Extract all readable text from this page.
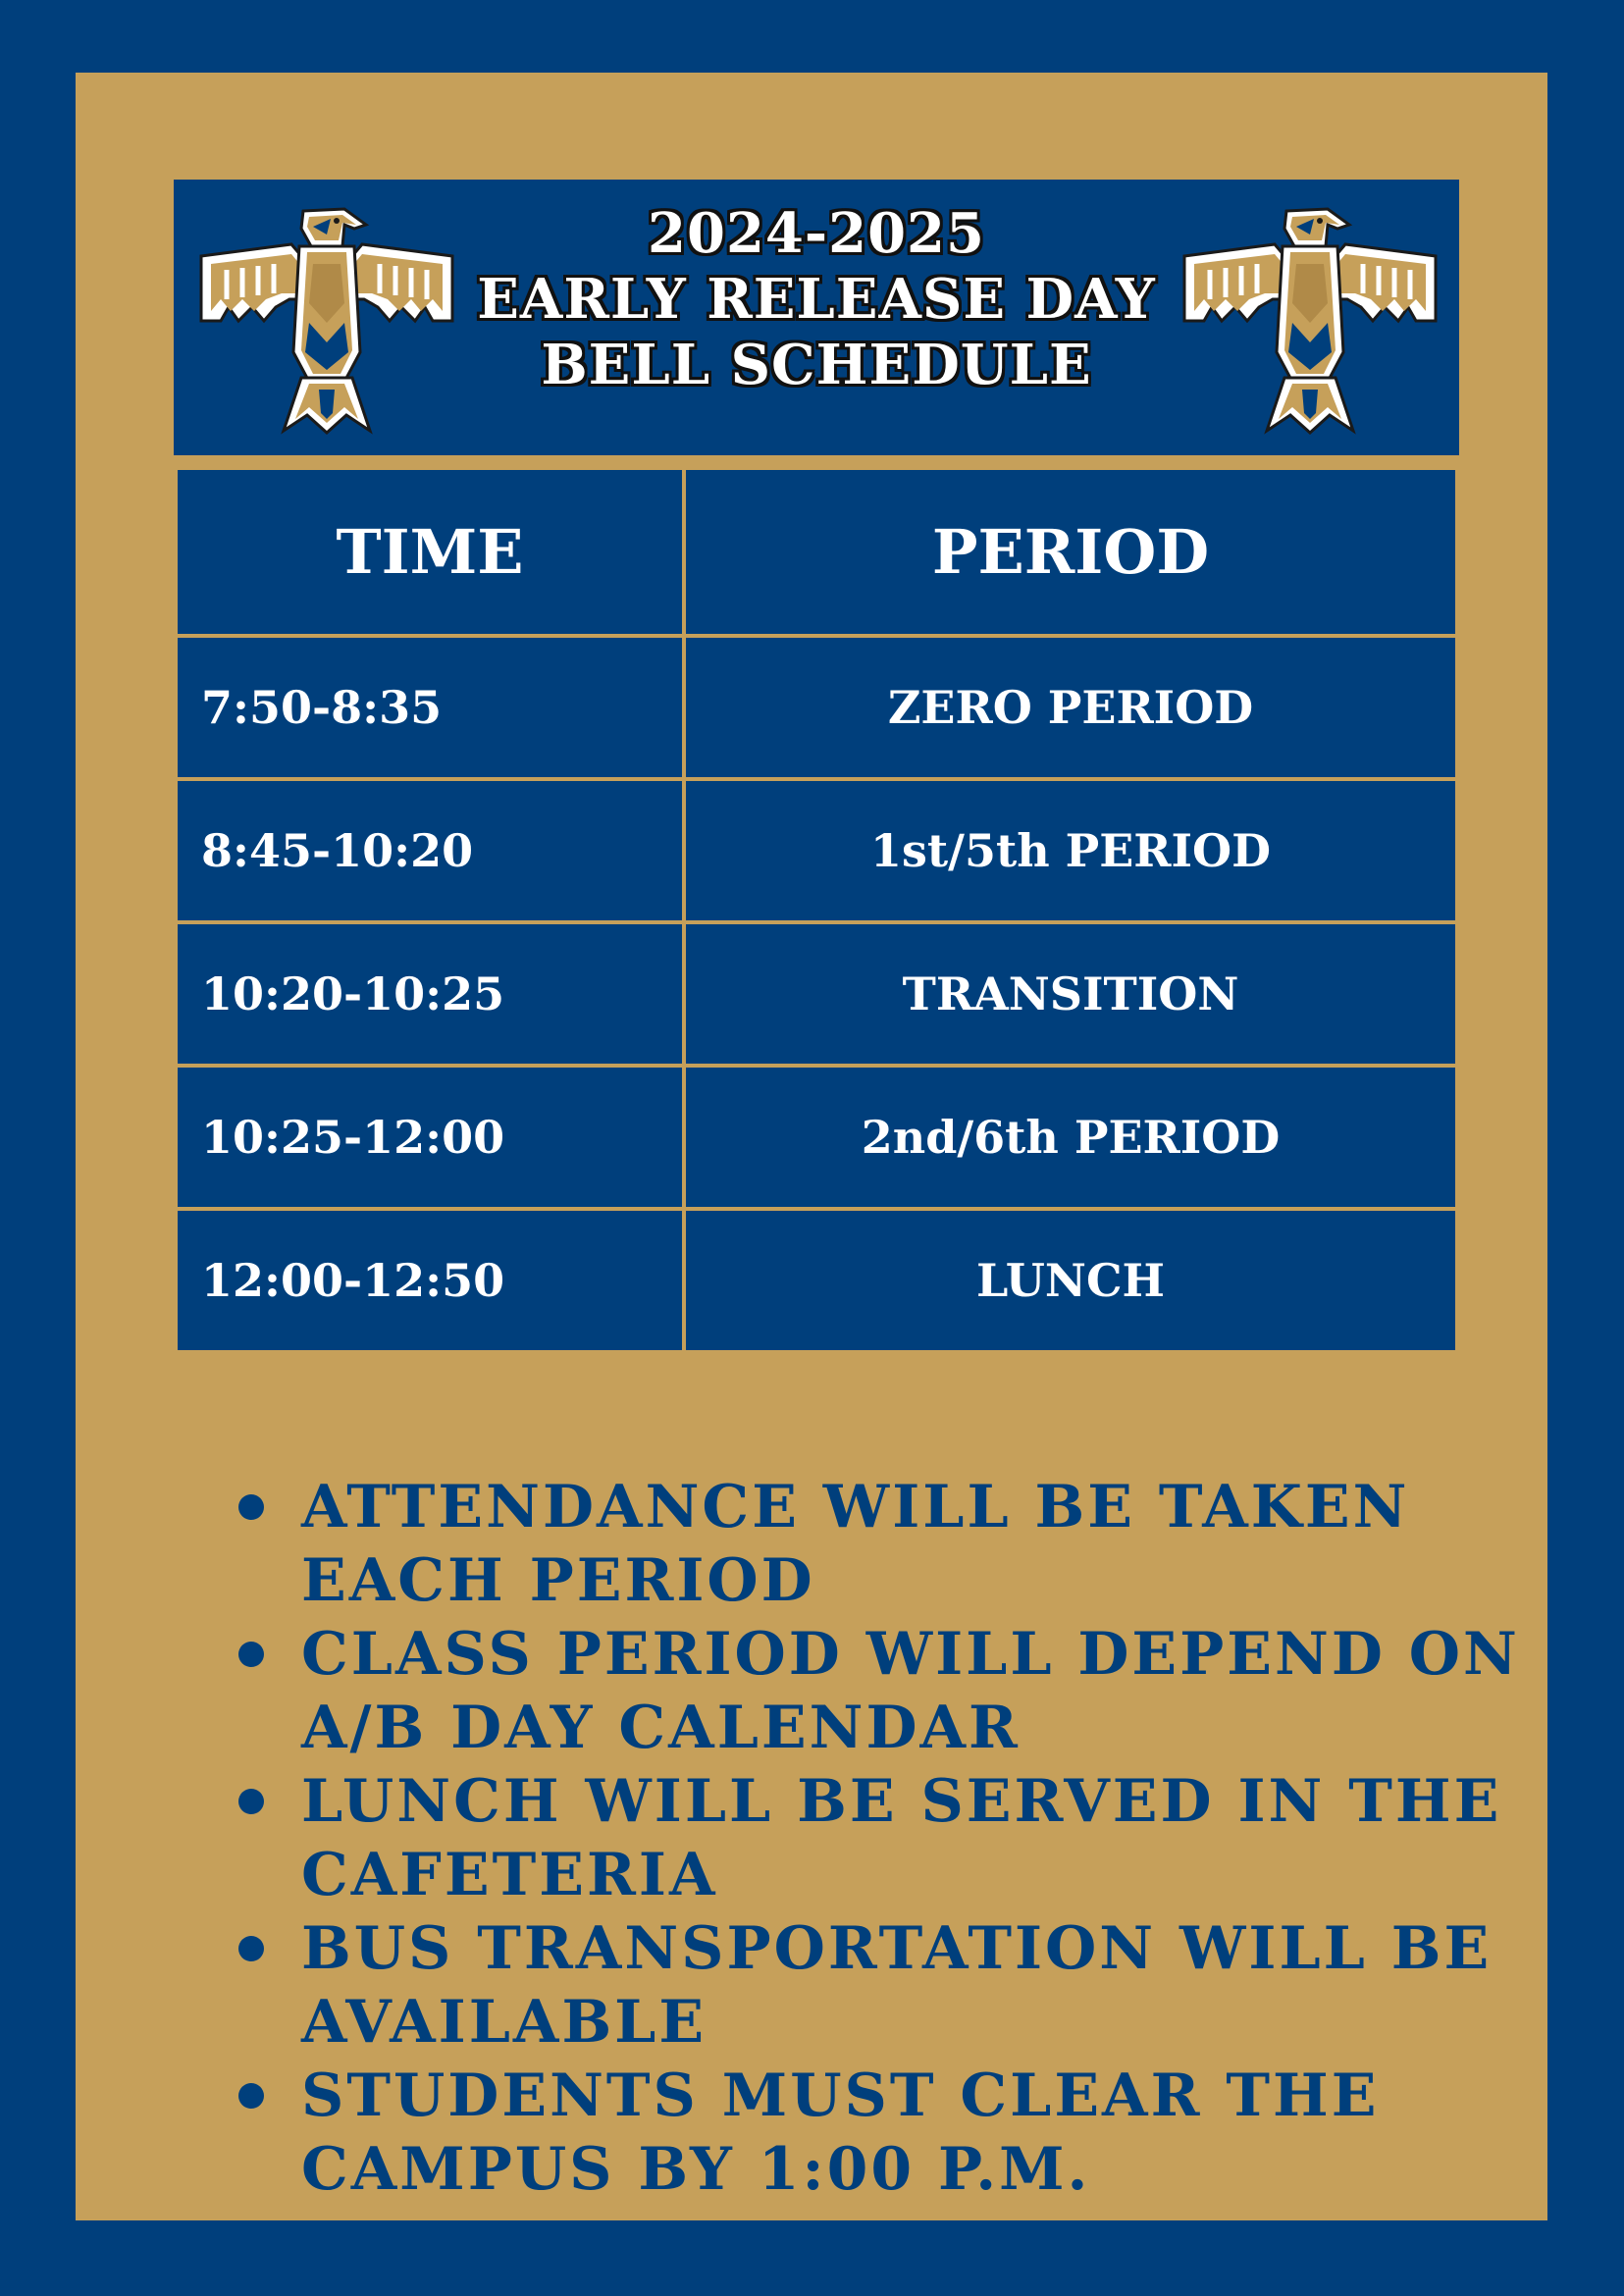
2024-2025
EARLY RELEASE DAY
BELL SCHEDULE
TIME	PERIOD
7:50-8:35	ZERO PERIOD
8:45-10:20	1st/5th PERIOD
10:20-10:25	TRANSITION
10:25-12:00	2nd/6th PERIOD
12:00-12:50	LUNCH
ATTENDANCE WILL BE TAKEN EACH PERIOD
CLASS PERIOD WILL DEPEND ON A/B DAY CALENDAR
LUNCH WILL BE SERVED IN THE CAFETERIA
BUS TRANSPORTATION WILL BE AVAILABLE
STUDENTS MUST CLEAR THE CAMPUS BY 1:00 P.M.
